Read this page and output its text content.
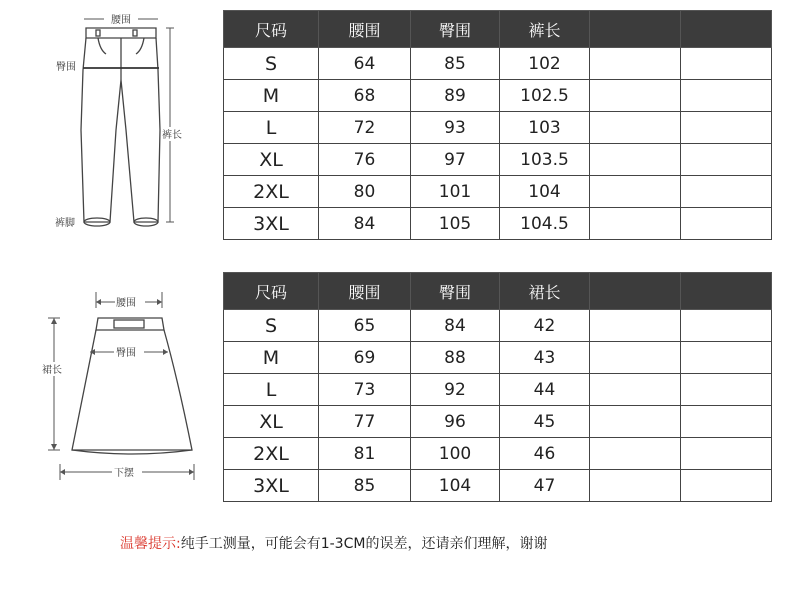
腰围
臀围
裤长
裤脚
腰围
臀围
裙长
下摆
尺码	腰围	臀围	裤长		
S	64	85	102		
M	68	89	102.5		
L	72	93	103		
XL	76	97	103.5		
2XL	80	101	104		
3XL	84	105	104.5		
尺码	腰围	臀围	裙长		
S	65	84	42		
M	69	88	43		
L	73	92	44		
XL	77	96	45		
2XL	81	100	46		
3XL	85	104	47		
温馨提示:纯手工测量，可能会有1-3CM的误差，还请亲们理解，谢谢
